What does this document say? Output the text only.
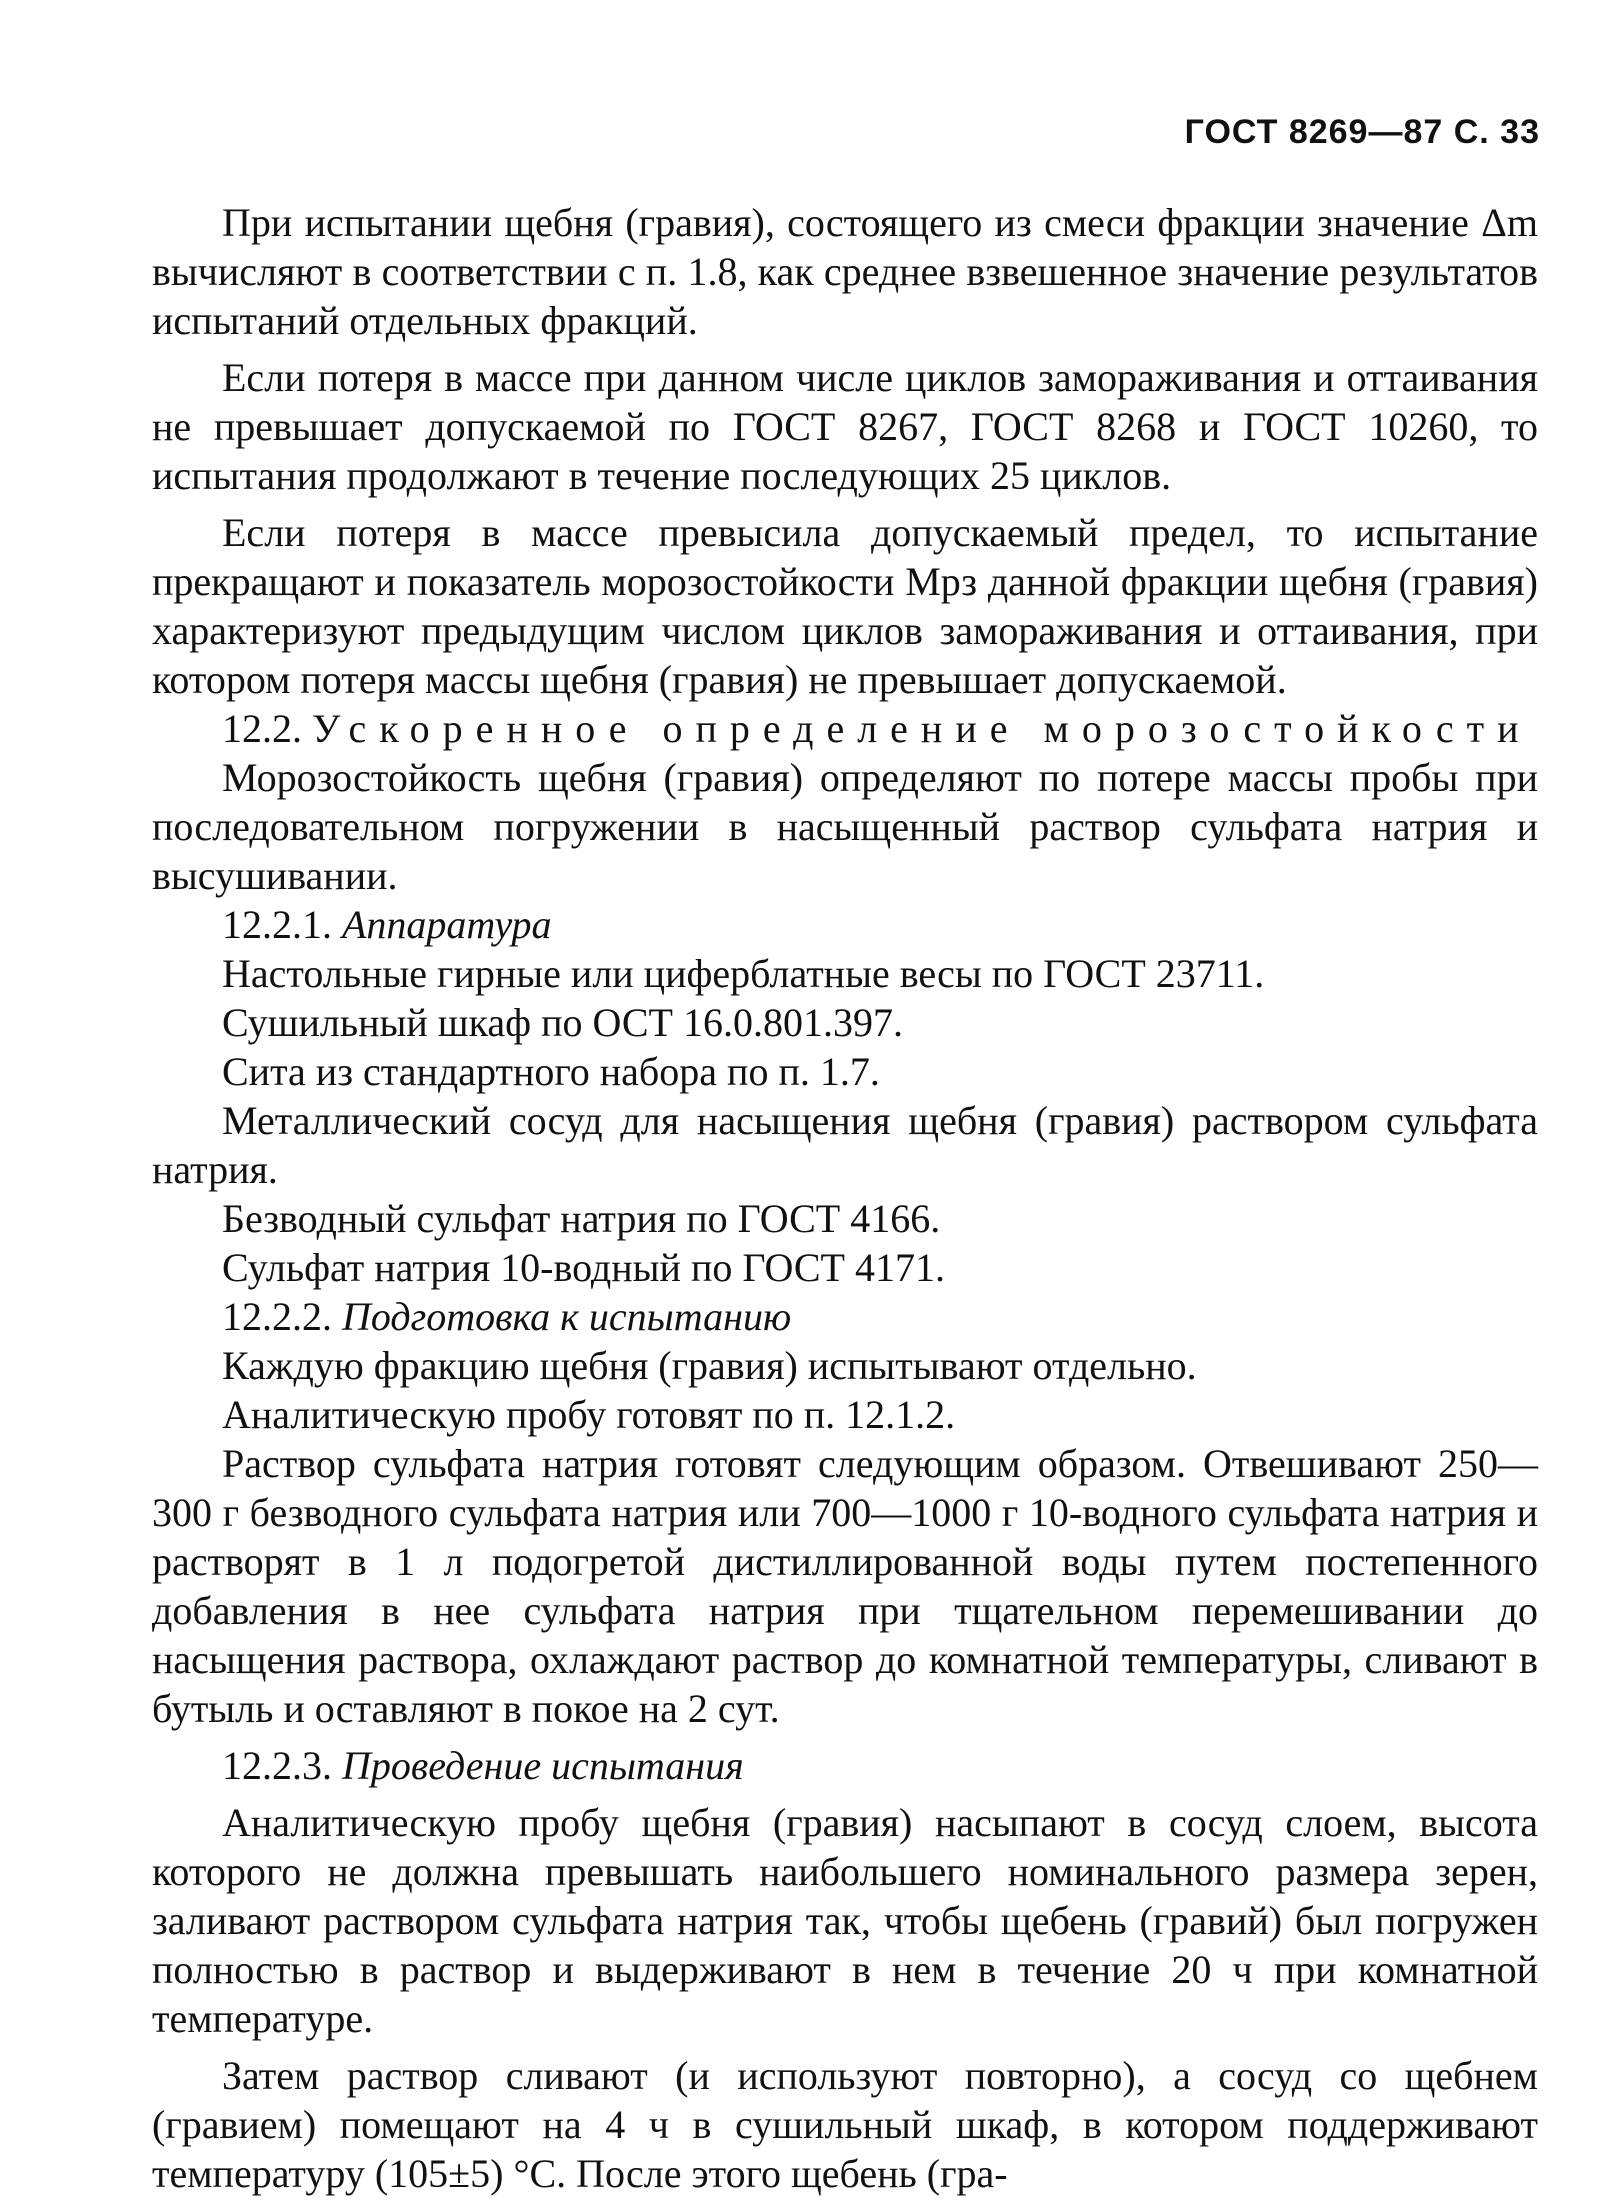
ГОСТ 8269—87 С. 33

При испытании щебня (гравия), состоящего из смеси фракции значение Δm вычисляют в соответствии с п. 1.8, как среднее взвешенное значение результатов испытаний отдельных фракций.

Если потеря в массе при данном числе циклов замораживания и оттаивания не превышает допускаемой по ГОСТ 8267, ГОСТ 8268 и ГОСТ 10260, то испытания продолжают в течение последующих 25 циклов.

Если потеря в массе превысила допускаемый предел, то испытание прекращают и показатель морозостойкости Мрз данной фракции щебня (гравия) характеризуют предыдущим числом циклов замораживания и оттаивания, при котором потеря массы щебня (гравия) не превышает допускаемой.

12.2. Ускоренное определение морозостойкости

Морозостойкость щебня (гравия) определяют по потере массы пробы при последовательном погружении в насыщенный раствор сульфата натрия и высушивании.

12.2.1. Аппаратура

Настольные гирные или циферблатные весы по ГОСТ 23711.

Сушильный шкаф по ОСТ 16.0.801.397.

Сита из стандартного набора по п. 1.7.

Металлический сосуд для насыщения щебня (гравия) раствором сульфата натрия.

Безводный сульфат натрия по ГОСТ 4166.

Сульфат натрия 10-водный по ГОСТ 4171.

12.2.2. Подготовка к испытанию

Каждую фракцию щебня (гравия) испытывают отдельно.

Аналитическую пробу готовят по п. 12.1.2.

Раствор сульфата натрия готовят следующим образом. Отвешивают 250—300 г безводного сульфата натрия или 700—1000 г 10-водного сульфата натрия и растворят в 1 л подогретой дистиллированной воды путем постепенного добавления в нее сульфата натрия при тщательном перемешивании до насыщения раствора, охлаждают раствор до комнатной температуры, сливают в бутыль и оставляют в покое на 2 сут.

12.2.3. Проведение испытания

Аналитическую пробу щебня (гравия) насыпают в сосуд слоем, высота которого не должна превышать наибольшего номинального размера зерен, заливают раствором сульфата натрия так, чтобы щебень (гравий) был погружен полностью в раствор и выдерживают в нем в течение 20 ч при комнатной температуре.

Затем раствор сливают (и используют повторно), а сосуд со щебнем (гравием) помещают на 4 ч в сушильный шкаф, в котором поддерживают температуру (105±5) °С. После этого щебень (гра-
